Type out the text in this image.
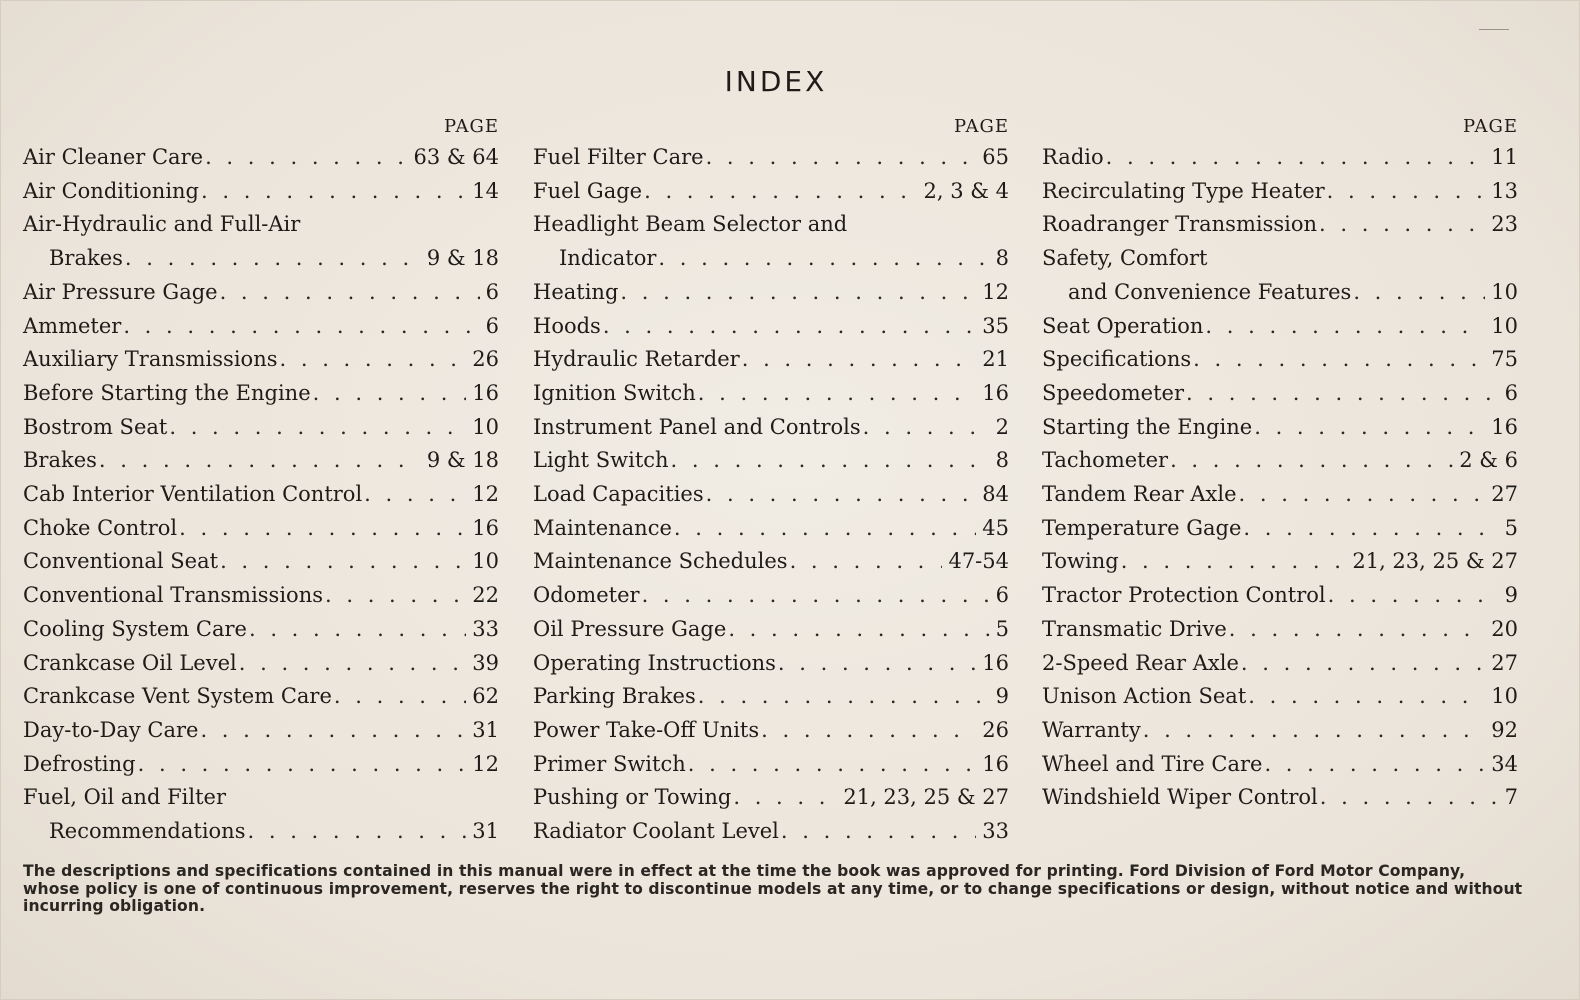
INDEX
PAGE
Air Cleaner Care . . .	63 & 64
Air Conditioning . . .	14
Air-Hydraulic and Full-Air
Brakes . . .	9 & 18
Air Pressure Gage . . .	6
Ammeter . . .	6
Auxiliary Transmissions . . .	26
Before Starting the Engine . . .	16
Bostrom Seat . . .	10
Brakes . . .	9 & 18
Cab Interior Ventilation Control . . .	12
Choke Control . . .	16
Conventional Seat . . .	10
Conventional Transmissions . . .	22
Cooling System Care . . .	33
Crankcase Oil Level . . .	39
Crankcase Vent System Care . . .	62
Day-to-Day Care . . .	31
Defrosting . . .	12
Fuel, Oil and Filter
Recommendations . . .	31
PAGE
Fuel Filter Care . . .	65
Fuel Gage . . .	2, 3 & 4
Headlight Beam Selector and
Indicator . . .	8
Heating . . .	12
Hoods . . .	35
Hydraulic Retarder . . .	21
Ignition Switch . . .	16
Instrument Panel and Controls . . .	2
Light Switch . . .	8
Load Capacities . . .	84
Maintenance . . .	45
Maintenance Schedules . . .	47-54
Odometer . . .	6
Oil Pressure Gage . . .	5
Operating Instructions . . .	16
Parking Brakes . . .	9
Power Take-Off Units . . .	26
Primer Switch . . .	16
Pushing or Towing . . .	21, 23, 25 & 27
Radiator Coolant Level . . .	33
PAGE
Radio . . .	11
Recirculating Type Heater . . .	13
Roadranger Transmission . . .	23
Safety, Comfort
and Convenience Features . . .	10
Seat Operation . . .	10
Specifications . . .	75
Speedometer . . .	6
Starting the Engine . . .	16
Tachometer . . .	2 & 6
Tandem Rear Axle . . .	27
Temperature Gage . . .	5
Towing . . .	21, 23, 25 & 27
Tractor Protection Control . . .	9
Transmatic Drive . . .	20
2-Speed Rear Axle . . .	27
Unison Action Seat . . .	10
Warranty . . .	92
Wheel and Tire Care . . .	34
Windshield Wiper Control . . .	7
The descriptions and specifications contained in this manual were in effect at the time the book was approved for printing. Ford Division of Ford Motor Company, whose policy is one of continuous improvement, reserves the right to discontinue models at any time, or to change specifications or design, without notice and without incurring obligation.
